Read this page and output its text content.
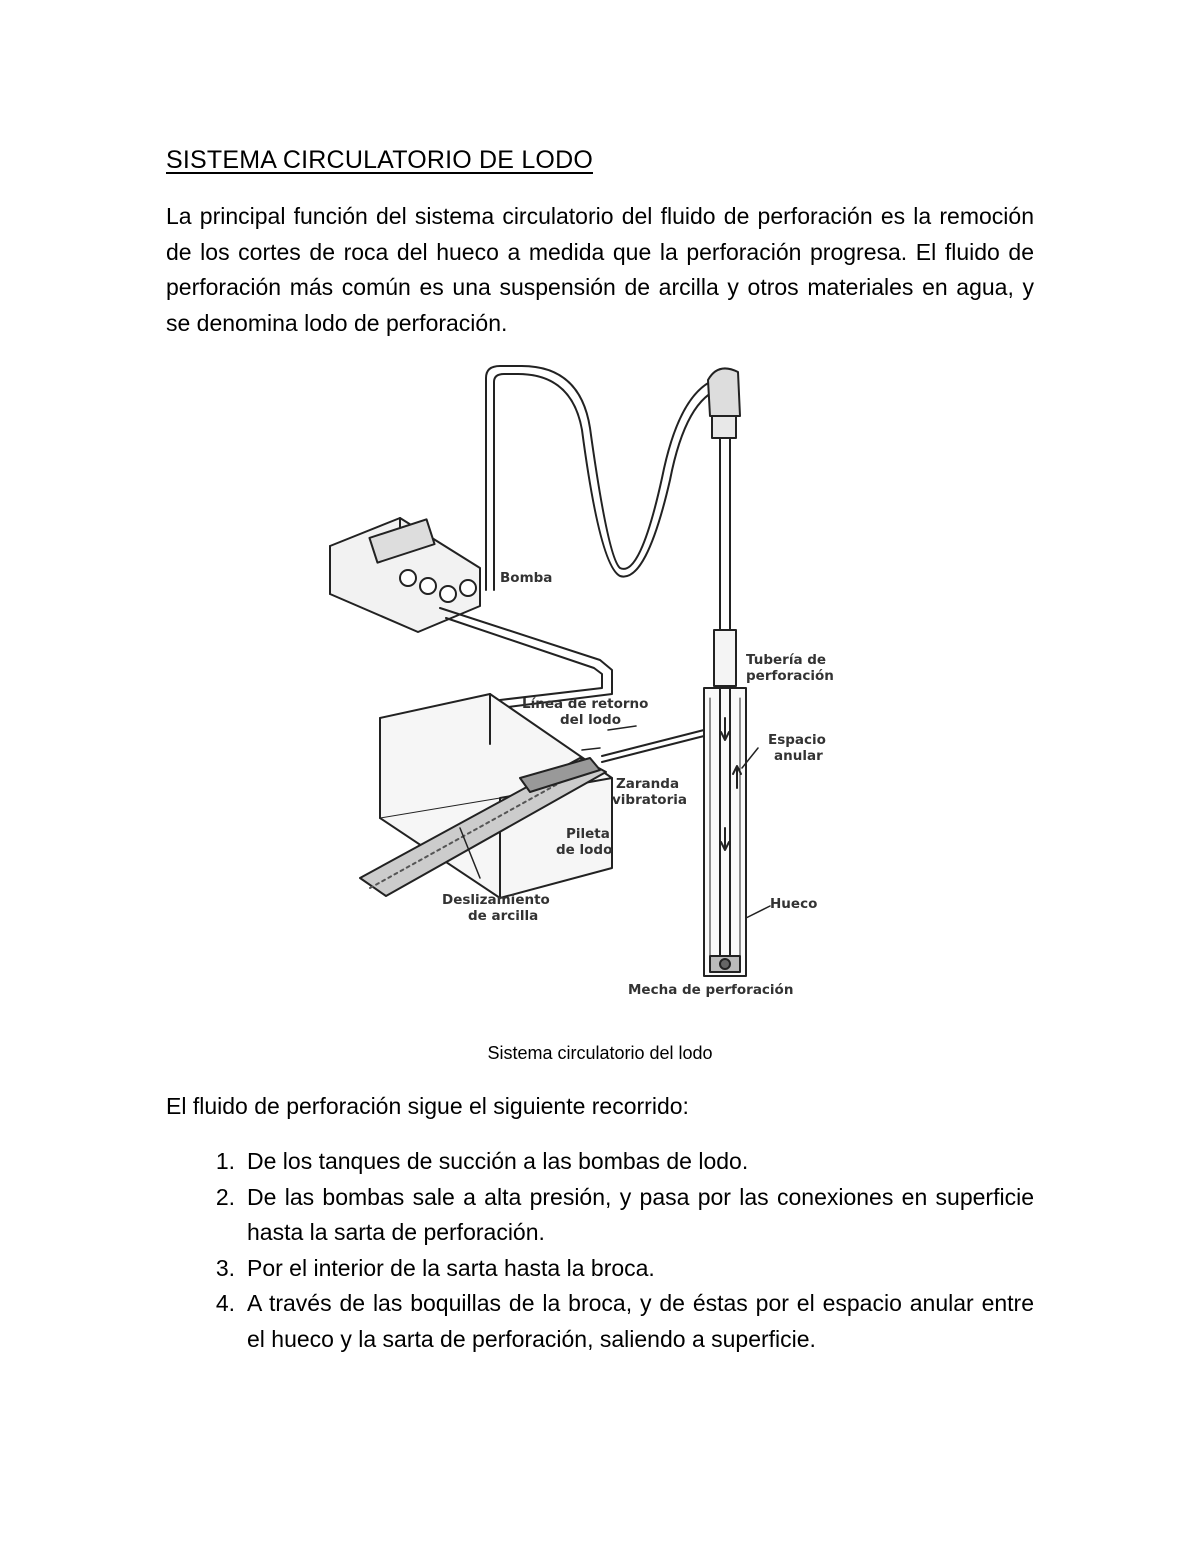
SISTEMA CIRCULATORIO DE LODO

La principal función del sistema circulatorio del fluido de perforación es la remoción de los cortes de roca del hueco a medida que la perforación progresa. El fluido de perforación más común es una suspensión de arcilla y otros materiales en agua, y se denomina lodo de perforación.

Bomba
Tubería de
perforación
Línea de retorno
del lodo
Espacio
anular
Zaranda
vibratoria
Pileta
de lodo
Deslizamiento
de arcilla
Hueco
Mecha de perforación
Sistema circulatorio del lodo

El fluido de perforación sigue el siguiente recorrido:

1. De los tanques de succión a las bombas de lodo.
2. De las bombas sale a alta presión, y pasa por las conexiones en superficie hasta la sarta de perforación.
3. Por el interior de la sarta hasta la broca.
4. A través de las boquillas de la broca, y de éstas por el espacio anular entre el hueco y la sarta de perforación, saliendo a superficie.
